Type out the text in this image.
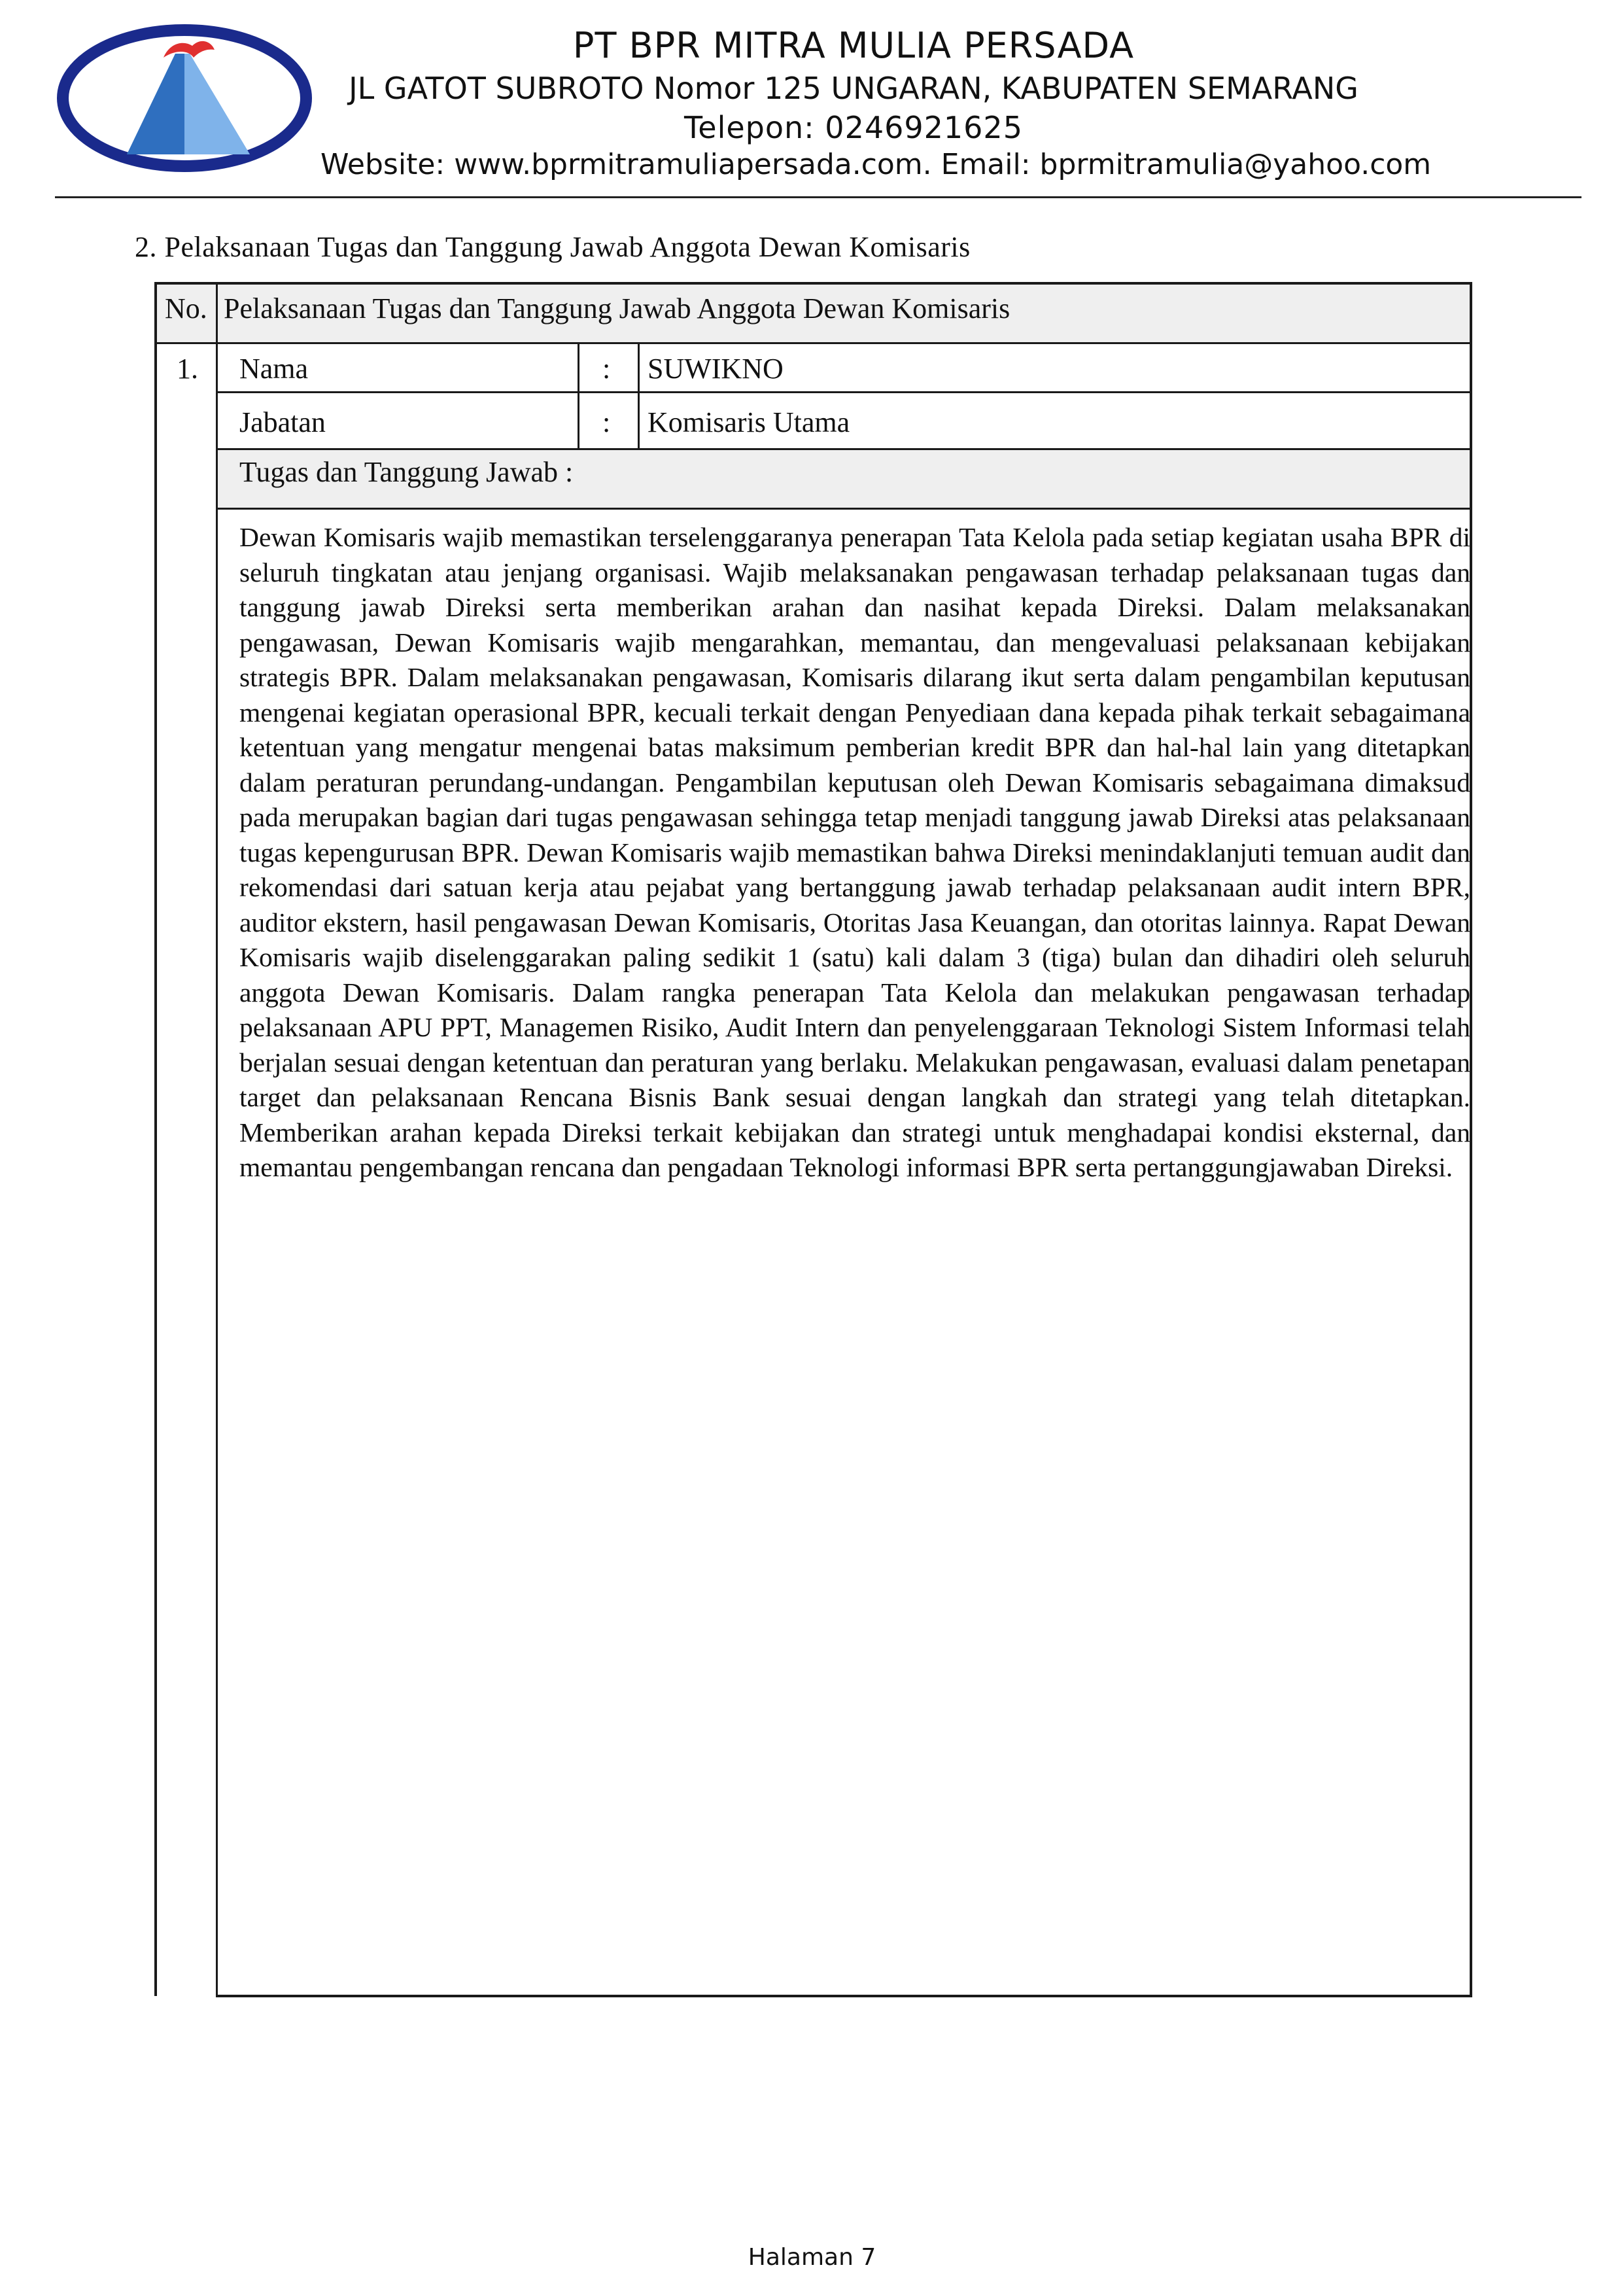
PT BPR MITRA MULIA PERSADA
JL GATOT SUBROTO Nomor 125 UNGARAN, KABUPATEN SEMARANG
Telepon: 0246921625
Website: www.bprmitramuliapersada.com. Email: bprmitramulia@yahoo.com
2. Pelaksanaan Tugas dan Tanggung Jawab Anggota Dewan Komisaris
No. Pelaksanaan Tugas dan Tanggung Jawab Anggota Dewan Komisaris
1. Nama	: SUWIKNO
Jabatan	: Komisaris Utama
Tugas dan Tanggung Jawab :
Dewan Komisaris wajib memastikan terselenggaranya penerapan Tata Kelola pada setiap kegiatan usaha BPR di seluruh tingkatan atau jenjang organisasi. Wajib melaksanakan pengawasan terhadap pelaksanaan tugas dan tanggung jawab Direksi serta memberikan arahan dan nasihat kepada Direksi. Dalam melaksanakan pengawasan, Dewan Komisaris wajib mengarahkan, memantau, dan mengevaluasi pelaksanaan kebijakan strategis BPR. Dalam melaksanakan pengawasan, Komisaris dilarang ikut serta dalam pengambilan keputusan mengenai kegiatan operasional BPR, kecuali terkait dengan Penyediaan dana kepada pihak terkait sebagaimana ketentuan yang mengatur mengenai batas maksimum pemberian kredit BPR dan hal-hal lain yang ditetapkan dalam peraturan perundang-undangan. Pengambilan keputusan oleh Dewan Komisaris sebagaimana dimaksud pada merupakan bagian dari tugas pengawasan sehingga tetap menjadi tanggung jawab Direksi atas pelaksanaan tugas kepengurusan BPR. Dewan Komisaris wajib memastikan bahwa Direksi menindaklanjuti temuan audit dan rekomendasi dari satuan kerja atau pejabat yang bertanggung jawab terhadap pelaksanaan audit intern BPR, auditor ekstern, hasil pengawasan Dewan Komisaris, Otoritas Jasa Keuangan, dan otoritas lainnya. Rapat Dewan Komisaris wajib diselenggarakan paling sedikit 1 (satu) kali dalam 3 (tiga) bulan dan dihadiri oleh seluruh anggota Dewan Komisaris. Dalam rangka penerapan Tata Kelola dan melakukan pengawasan terhadap pelaksanaan APU PPT, Managemen Risiko, Audit Intern dan penyelenggaraan Teknologi Sistem Informasi telah berjalan sesuai dengan ketentuan dan peraturan yang berlaku. Melakukan pengawasan, evaluasi dalam penetapan target dan pelaksanaan Rencana Bisnis Bank sesuai dengan langkah dan strategi yang telah ditetapkan. Memberikan arahan kepada Direksi terkait kebijakan dan strategi untuk menghadapai kondisi eksternal, dan memantau pengembangan rencana dan pengadaan Teknologi informasi BPR serta pertanggungjawaban Direksi.
Halaman 7
